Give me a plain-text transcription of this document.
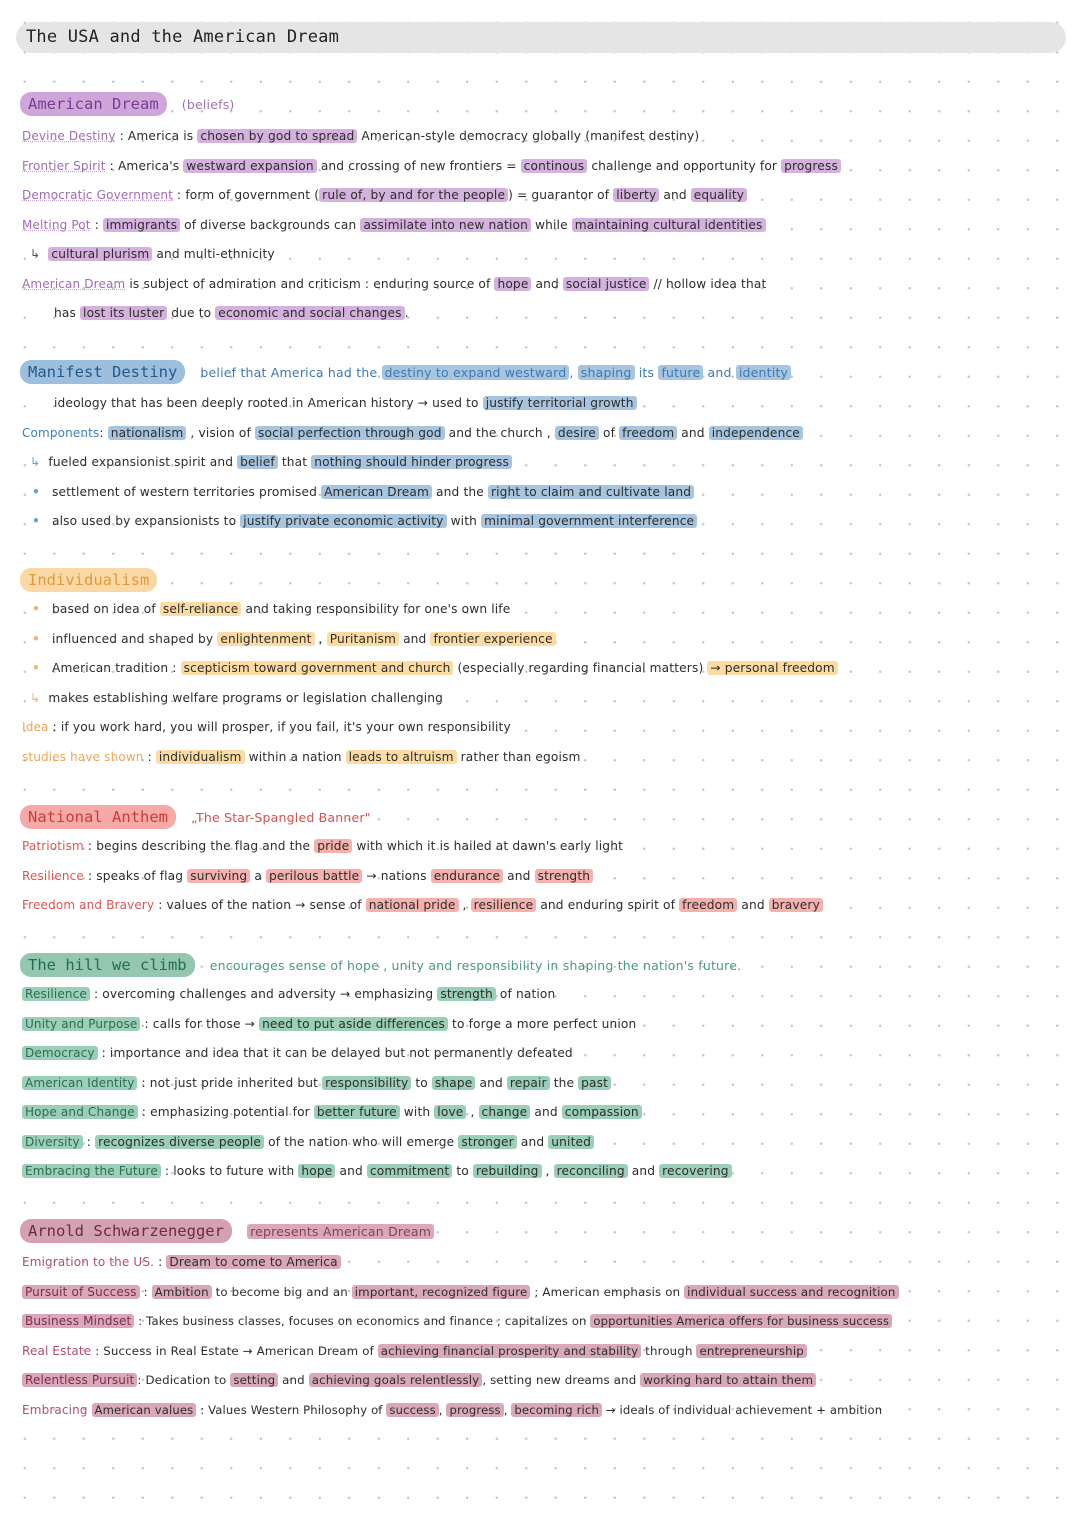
The USA and the American Dream
American Dream (beliefs)
Devine Destiny : America is chosen by god to spread American-style democracy globally (manifest destiny)
Frontier Spirit : America's westward expansion and crossing of new frontiers = continous challenge and opportunity for progress
Democratic Government : form of government ( rule of, by and for the people ) = guarantor of liberty and equality
Melting Pot : immigrants of diverse backgrounds can assimilate into new nation while maintaining cultural identities
↳ cultural plurism and multi-ethnicity
American Dream is subject of admiration and criticism : enduring source of hope and social justice // hollow idea that
has lost its luster due to economic and social changes .
Manifest Destiny belief that America had the destiny to expand westward , shaping its future and identity
ideology that has been deeply rooted in American history → used to justify territorial growth
Components: nationalism , vision of social perfection through god and the church , desire of freedom and independence
↳ fueled expansionist spirit and belief that nothing should hinder progress
• settlement of western territories promised American Dream and the right to claim and cultivate land
• also used by expansionists to justify private economic activity with minimal government interference
Individualism
• based on idea of self-reliance and taking responsibility for one's own life
• influenced and shaped by enlightenment , Puritanism and frontier experience
• American tradition : scepticism toward government and church (especially regarding financial matters) → personal freedom
↳ makes establishing welfare programs or legislation challenging
Idea : if you work hard, you will prosper, if you fail, it's your own responsibility
studies have shown : individualism within a nation leads to altruism rather than egoism
National Anthem „The Star-Spangled Banner"
Patriotism : begins describing the flag and the pride with which it is hailed at dawn's early light
Resilience : speaks of flag surviving a perilous battle → nations endurance and strength
Freedom and Bravery : values of the nation → sense of national pride , resilience and enduring spirit of freedom and bravery
The hill we climb encourages sense of hope , unity and responsibility in shaping the nation's future.
Resilience : overcoming challenges and adversity → emphasizing strength of nation
Unity and Purpose : calls for those → need to put aside differences to forge a more perfect union
Democracy : importance and idea that it can be delayed but not permanently defeated
American Identity : not just pride inherited but responsibility to shape and repair the past
Hope and Change : emphasizing potential for better future with love , change and compassion
Diversity : recognizes diverse people of the nation who will emerge stronger and united
Embracing the Future : looks to future with hope and commitment to rebuilding , reconciling and recovering
Arnold Schwarzenegger represents American Dream
Emigration to the US. : Dream to come to America
Pursuit of Success : Ambition to become big and an important, recognized figure ; American emphasis on individual success and recognition
Business Mindset : Takes business classes, focuses on economics and finance ; capitalizes on opportunities America offers for business success
Real Estate : Success in Real Estate → American Dream of achieving financial prosperity and stability through entrepreneurship
Relentless Pursuit : Dedication to setting and achieving goals relentlessly , setting new dreams and working hard to attain them
Embracing American values : Values Western Philosophy of success , progress , becoming rich → ideals of individual achievement + ambition
